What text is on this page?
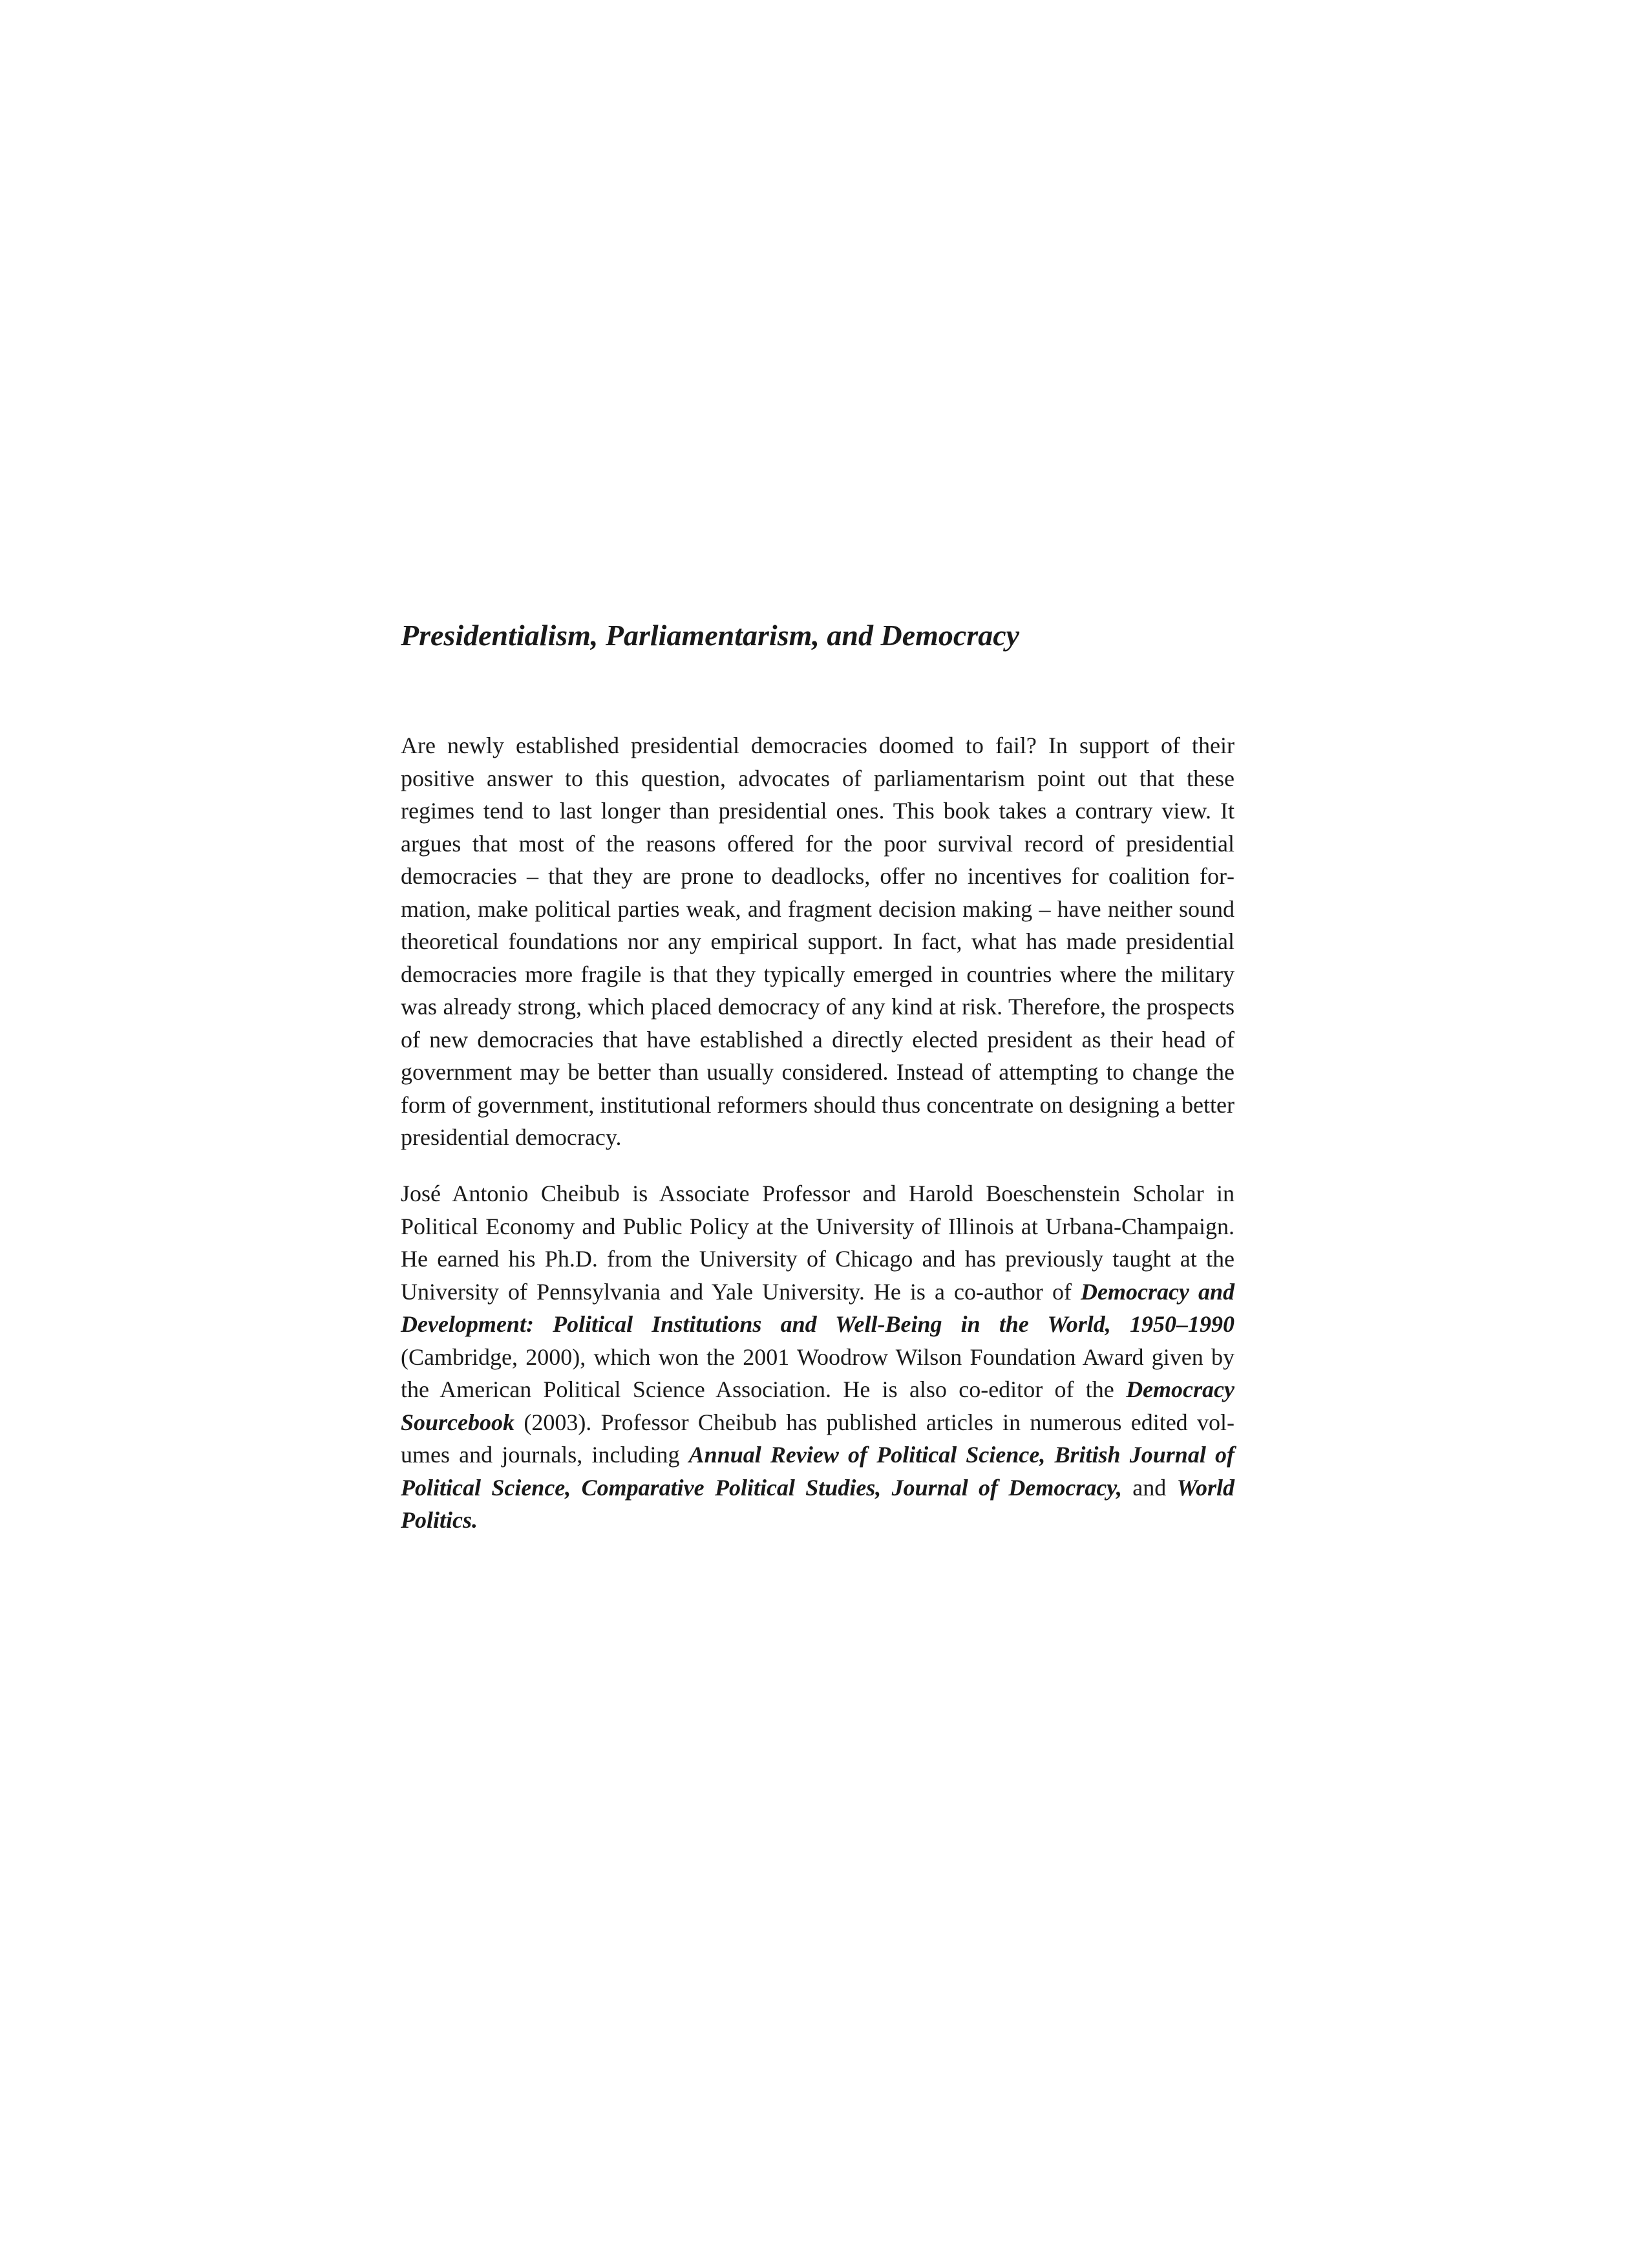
Presidentialism, Parliamentarism, and Democracy

Are newly established presidential democracies doomed to fail? In support of their positive answer to this question, advocates of parliamentarism point out that these regimes tend to last longer than presidential ones. This book takes a contrary view. It argues that most of the reasons offered for the poor survival record of presidential democracies – that they are prone to deadlocks, offer no incentives for coalition formation, make political parties weak, and fragment decision making – have neither sound theoretical foundations nor any empirical support. In fact, what has made presidential democracies more fragile is that they typically emerged in countries where the military was already strong, which placed democracy of any kind at risk. Therefore, the prospects of new democracies that have established a directly elected president as their head of government may be better than usually considered. Instead of attempting to change the form of government, institutional reformers should thus concentrate on designing a better presidential democracy.

José Antonio Cheibub is Associate Professor and Harold Boeschenstein Scholar in Political Economy and Public Policy at the University of Illinois at Urbana-Champaign. He earned his Ph.D. from the University of Chicago and has previously taught at the University of Pennsylvania and Yale University. He is a co-author of Democracy and Development: Political Institutions and Well-Being in the World, 1950–1990 (Cambridge, 2000), which won the 2001 Woodrow Wilson Foundation Award given by the American Political Science Association. He is also co-editor of the Democracy Sourcebook (2003). Professor Cheibub has published articles in numerous edited volumes and journals, including Annual Review of Political Science, British Journal of Political Science, Comparative Political Studies, Journal of Democracy, and World Politics.
